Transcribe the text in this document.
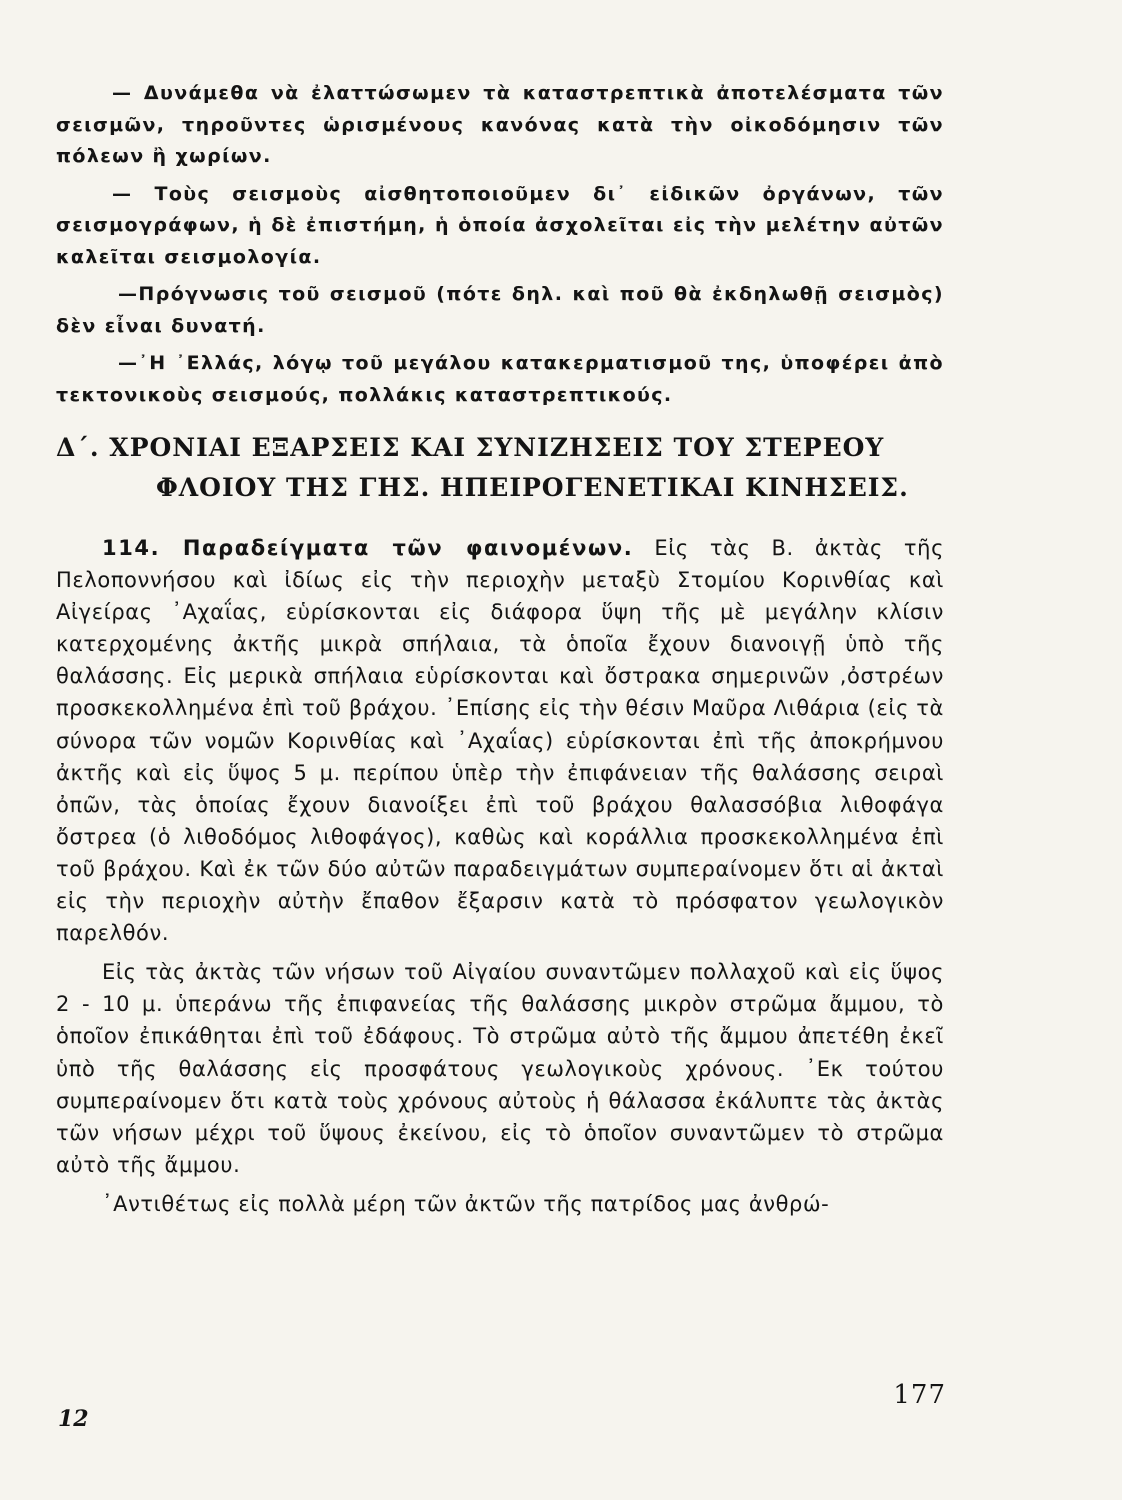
— Δυνάμεθα νὰ ἐλαττώσωμεν τὰ καταστρεπτικὰ ἀποτελέσματα τῶν σεισμῶν, τηροῦντες ὡρισμένους κανόνας κατὰ τὴν οἰκοδόμησιν τῶν πόλεων ἢ χωρίων.

— Τοὺς σεισμοὺς αἰσθητοποιοῦμεν δι᾽ εἰδικῶν ὀργάνων, τῶν σεισμογράφων, ἡ δὲ ἐπιστήμη, ἡ ὁποία ἀσχολεῖται εἰς τὴν μελέτην αὐτῶν καλεῖται σεισμολογία.

—Πρόγνωσις τοῦ σεισμοῦ (πότε δηλ. καὶ ποῦ θὰ ἐκδηλωθῇ σεισμὸς) δὲν εἶναι δυνατή.

—᾽Η ᾽Ελλάς, λόγῳ τοῦ μεγάλου κατακερματισμοῦ της, ὑποφέρει ἀπὸ τεκτονικοὺς σεισμούς, πολλάκις καταστρεπτικούς.

Δ΄. ΧΡΟΝΙΑΙ ΕΞΑΡΣΕΙΣ ΚΑΙ ΣΥΝΙΖΗΣΕΙΣ ΤΟΥ ΣΤΕΡΕΟΥ
ΦΛΟΙΟΥ ΤΗΣ ΓΗΣ. ΗΠΕΙΡΟΓΕΝΕΤΙΚΑΙ ΚΙΝΗΣΕΙΣ.

114. Παραδείγματα τῶν φαινομένων. Εἰς τὰς Β. ἀκτὰς τῆς Πελοποννήσου καὶ ἰδίως εἰς τὴν περιοχὴν μεταξὺ Στομίου Κορινθίας καὶ Αἰγείρας ᾽Αχαΐας, εὑρίσκονται εἰς διάφορα ὕψη τῆς μὲ μεγάλην κλίσιν κατερχομένης ἀκτῆς μικρὰ σπήλαια, τὰ ὁποῖα ἔχουν διανοιγῇ ὑπὸ τῆς θαλάσσης. Εἰς μερικὰ σπήλαια εὑρίσκονται καὶ ὄστρακα σημερινῶν ,ὀστρέων προσκεκολλημένα ἐπὶ τοῦ βράχου. ᾽Επίσης εἰς τὴν θέσιν Μαῦρα Λιθάρια (εἰς τὰ σύνορα τῶν νομῶν Κορινθίας καὶ ᾽Αχαΐας) εὑρίσκονται ἐπὶ τῆς ἀποκρήμνου ἀκτῆς καὶ εἰς ὕψος 5 μ. περίπου ὑπὲρ τὴν ἐπιφάνειαν τῆς θαλάσσης σειραὶ ὀπῶν, τὰς ὁποίας ἔχουν διανοίξει ἐπὶ τοῦ βράχου θαλασσόβια λιθοφάγα ὄστρεα (ὁ λιθοδόμος λιθοφάγος), καθὼς καὶ κοράλλια προσκεκολλημένα ἐπὶ τοῦ βράχου. Καὶ ἐκ τῶν δύο αὐτῶν παραδειγμάτων συμπεραίνομεν ὅτι αἱ ἀκταὶ εἰς τὴν περιοχὴν αὐτὴν ἔπαθον ἔξαρσιν κατὰ τὸ πρόσφατον γεωλογικὸν παρελθόν.

Εἰς τὰς ἀκτὰς τῶν νήσων τοῦ Αἰγαίου συναντῶμεν πολλαχοῦ καὶ εἰς ὕψος 2 - 10 μ. ὑπεράνω τῆς ἐπιφανείας τῆς θαλάσσης μικρὸν στρῶμα ἄμμου, τὸ ὁποῖον ἐπικάθηται ἐπὶ τοῦ ἐδάφους. Τὸ στρῶμα αὐτὸ τῆς ἄμμου ἀπετέθη ἐκεῖ ὑπὸ τῆς θαλάσσης εἰς προσφάτους γεωλογικοὺς χρόνους. ᾽Εκ τούτου συμπεραίνομεν ὅτι κατὰ τοὺς χρόνους αὐτοὺς ἡ θάλασσα ἐκάλυπτε τὰς ἀκτὰς τῶν νήσων μέχρι τοῦ ὕψους ἐκείνου, εἰς τὸ ὁποῖον συναντῶμεν τὸ στρῶμα αὐτὸ τῆς ἄμμου.

᾽Αντιθέτως εἰς πολλὰ μέρη τῶν ἀκτῶν τῆς πατρίδος μας ἀνθρώ-

177
12
